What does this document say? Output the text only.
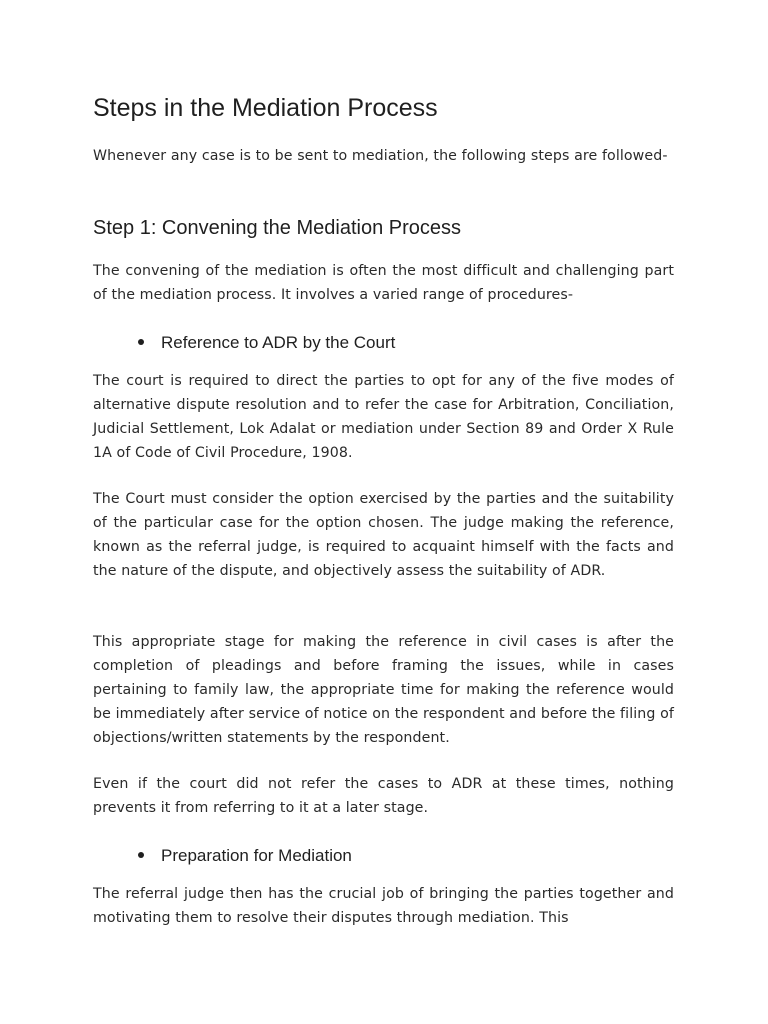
Steps in the Mediation Process

Whenever any case is to be sent to mediation, the following steps are followed-

Step 1: Convening the Mediation Process

The convening of the mediation is often the most difficult and challenging part of the mediation process. It involves a varied range of procedures-

Reference to ADR by the Court

The court is required to direct the parties to opt for any of the five modes of alternative dispute resolution and to refer the case for Arbitration, Conciliation, Judicial Settlement, Lok Adalat or mediation under Section 89 and Order X Rule 1A of Code of Civil Procedure, 1908.

The Court must consider the option exercised by the parties and the suitability of the particular case for the option chosen. The judge making the reference, known as the referral judge, is required to acquaint himself with the facts and the nature of the dispute, and objectively assess the suitability of ADR.

This appropriate stage for making the reference in civil cases is after the completion of pleadings and before framing the issues, while in cases pertaining to family law, the appropriate time for making the reference would be immediately after service of notice on the respondent and before the filing of objections/written statements by the respondent.

Even if the court did not refer the cases to ADR at these times, nothing prevents it from referring to it at a later stage.

Preparation for Mediation

The referral judge then has the crucial job of bringing the parties together and motivating them to resolve their disputes through mediation. This
